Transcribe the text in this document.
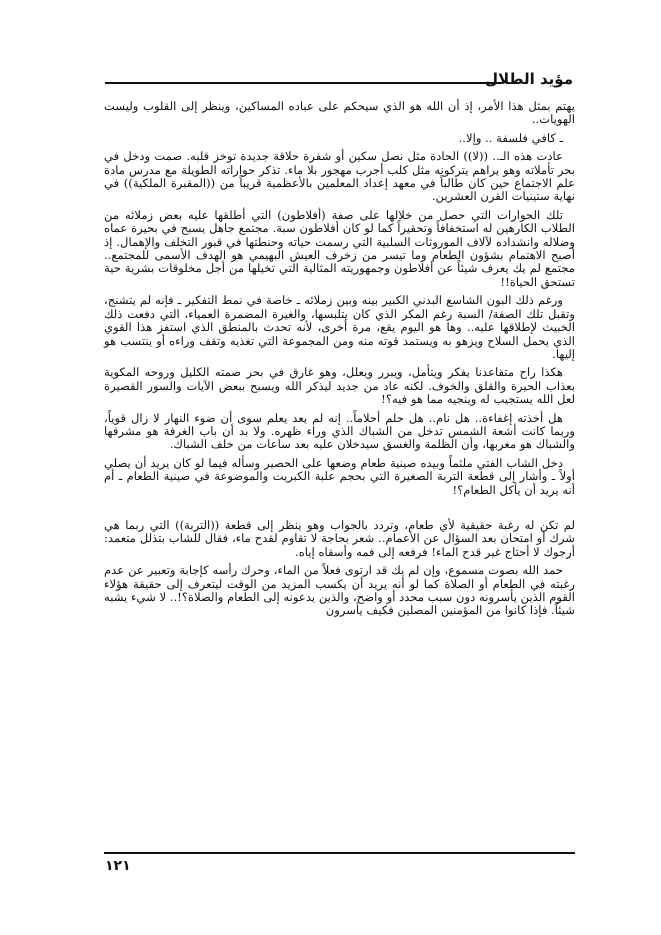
مؤيد الطلال

يهتم بمثل هذا الأمر، إذ أن الله هو الذي سيحكم على عباده المساكين، وينظر إلى القلوب وليست الهويات..

ـ كافي فلسفة .. وإلا..

عادت هذه الـ.. ((لا)) الحادة مثل نصل سكين أو شفرة حلاقة جديدة توخز قلبه. صمت ودخل في بحر تأملاته وهو يراهم يتركونه مثل كلب أجرب مهجور بلا ماء. تذكر حواراته الطويلة مع مدرس مادة علم الاجتماع حين كان طالباً في معهد إعداد المعلمين بالأعظمية قريباً من ((المقبرة الملكية)) في نهاية ستينيات القرن العشرين.

تلك الحوارات التي حصل من خلالها على صفة (أفلاطون) التي أطلقها عليه بعض زملائه من الطلاب الكارهين له استخفافاً وتحقيراً كما لو كان أفلاطون سبة. مجتمع جاهل يسبح في بحيرة عماه وضلاله وانشداده لآلاف الموروثات السلبية التي رسمت حياته وحنطتها في قبور التخلف والإهمال. إذ أصبح الاهتمام بشؤون الطعام وما تيسر من زخرف العيش البهيمي هو الهدف الأسمى للمجتمع.. مجتمع لم يك يعرف شيئاً عن أفلاطون وجمهوريته المثالية التي تخيلها من أجل مخلوقات بشرية حية تستحق الحياة!!

ورغم ذلك البون الشاسع البدني الكبير بينه وبين زملائه ـ خاصة في نمط التفكير ـ فإنه لم يتشنج، وتقبل تلك الصفة/ السبة رغم المكر الذي كان يتلبسها، والغيرة المضمرة العمياء، التي دفعت ذلك الخبيث لإطلاقها عليه.. وها هو اليوم يقع، مرة أخرى، لأنه تحدث بالمنطق الذي استفز هذا القوي الذي يحمل السلاح ويزهو به ويستمد قوته منه ومن المجموعة التي تغذيه وتقف وراءه أو ينتسب هو إليها.

هكذا راح متقاعدنا يفكر ويتأمل، ويبرر ويعلل، وهو غارق في بحر صمته الكليل وروحه المكوية بعذاب الحيرة والقلق والخوف. لكنه عاد من جديد ليذكر الله ويسبح ببعض الآيات والسور القصيرة لعل الله يستجيب له وينجيه مما هو فيه؟!

هل أخذته إغفاءة.. هل نام.. هل حلم أحلاماً.. إنه لم يعد يعلم سوى أن ضوء النهار لا زال قوياً، وربما كانت أشعة الشمس تدخل من الشباك الذي وراء ظهره. ولا بد أن باب الغرفة هو مشرقها والشباك هو مغربها، وأن الظلمة والغسق سيدخلان عليه بعد ساعات من خلف الشباك.

دخل الشاب الفتي ملثماً وبيده صينية طعام وضعها على الحصير وسأله فيما لو كان يريد أن يصلي أولاً ـ وأشار إلى قطعة التربة الصغيرة التي بحجم علبة الكبريت والموضوعة في صينية الطعام ـ أم أنه يريد أن يأكل الطعام؟!

لم تكن له رغبة حقيقية لأي طعام، وتردد بالجواب وهو ينظر إلى قطعة ((التربة)) التي ربما هي شرك أو امتحان بعد السؤال عن الأعمام.. شعر بحاجة لا تقاوم لقدح ماء، فقال للشاب بتذلل متعمد: أرجوك لا أحتاج غير قدح الماء! فرفعه إلى فمه وأسقاه إياه.

حمد الله بصوت مسموع، وإن لم يك قد ارتوى فعلاً من الماء، وحرك رأسه كإجابة وتعبير عن عدم رغبته في الطعام أو الصلاة كما لو أنه يريد أن يكسب المزيد من الوقت ليتعرف إلى حقيقة هؤلاء القوم الذين يأسرونه دون سبب محدد أو واضح، والذين يدعونه إلى الطعام والصلاة؟!.. لا شيء يشبه شيئاً. فإذا كانوا من المؤمنين المصلين فكيف يأسرون

١٢١
